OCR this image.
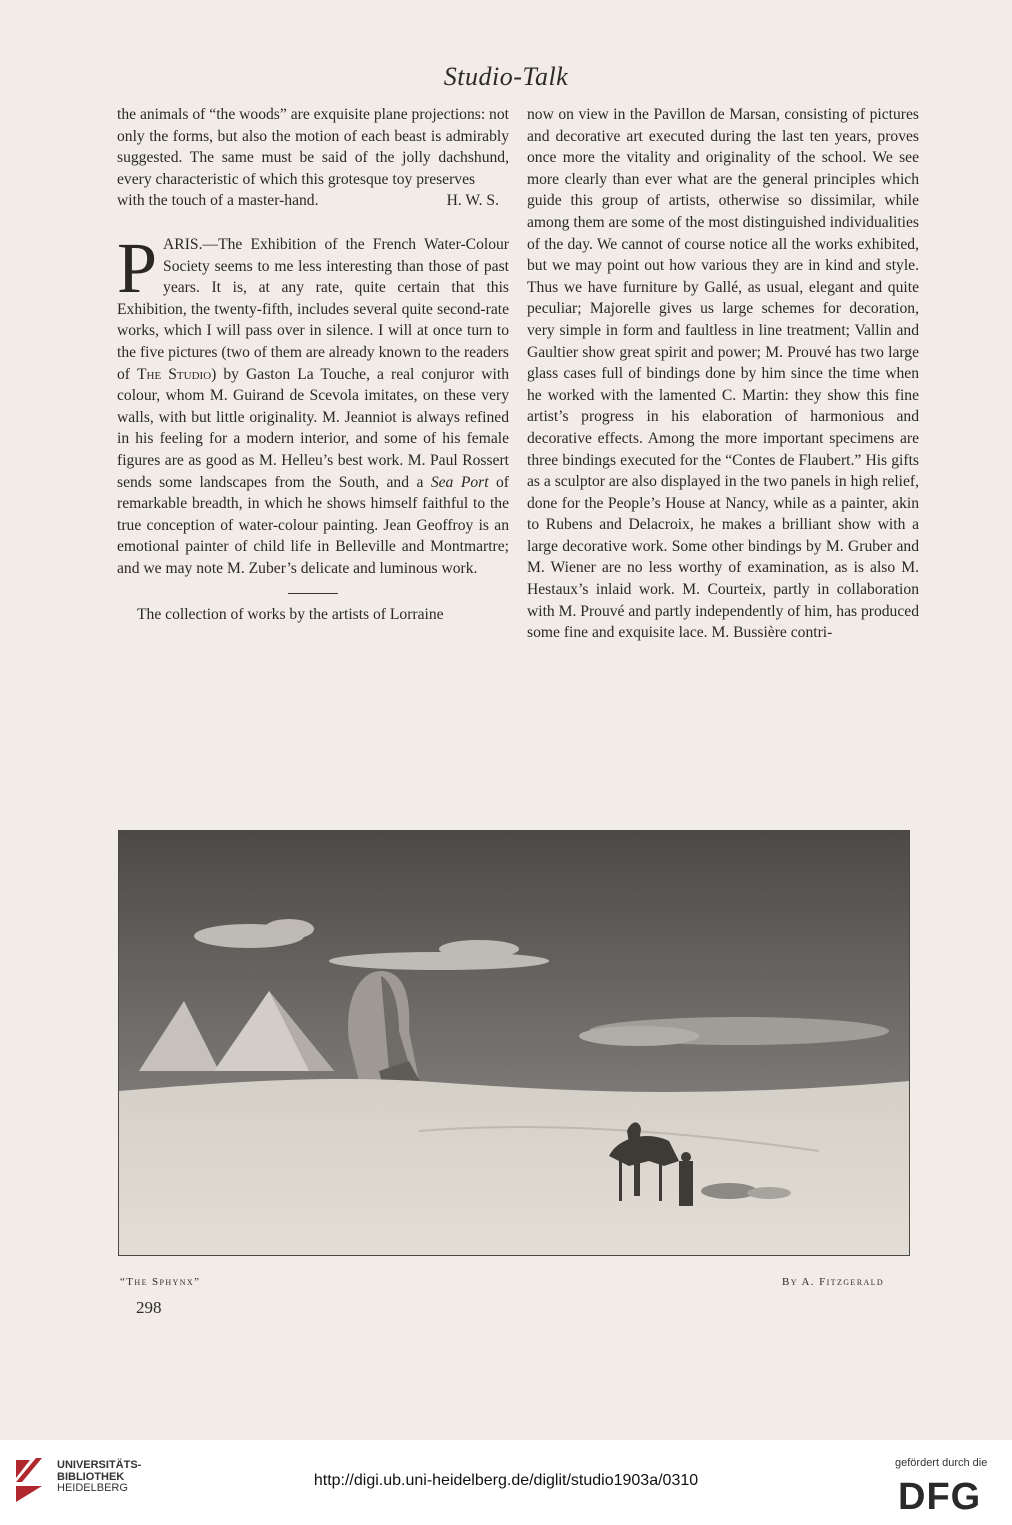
Studio-Talk

the animals of “the woods” are exquisite plane projections: not only the forms, but also the motion of each beast is admirably suggested. The same must be said of the jolly dachshund, every characteristic of which this grotesque toy preserves

with the touch of a master-hand.	H. W. S.

PARIS.—The Exhibition of the French Water-Colour Society seems to me less interesting than those of past years. It is, at any rate, quite certain that this Exhibition, the twenty-fifth, includes several quite second-rate works, which I will pass over in silence. I will at once turn to the five pictures (two of them are already known to the readers of The Studio) by Gaston La Touche, a real conjuror with colour, whom M. Guirand de Scevola imitates, on these very walls, with but little originality. M. Jeanniot is always refined in his feeling for a modern interior, and some of his female figures are as good as M. Helleu’s best work. M. Paul Rossert sends some landscapes from the South, and a Sea Port of remarkable breadth, in which he shows himself faithful to the true conception of water-colour painting. Jean Geoffroy is an emotional painter of child life in Belleville and Montmartre; and we may note M. Zuber’s delicate and luminous work.

The collection of works by the artists of Lorraine

now on view in the Pavillon de Marsan, consisting of pictures and decorative art executed during the last ten years, proves once more the vitality and originality of the school. We see more clearly than ever what are the general principles which guide this group of artists, otherwise so dissimilar, while among them are some of the most distinguished individualities of the day. We cannot of course notice all the works exhibited, but we may point out how various they are in kind and style. Thus we have furniture by Gallé, as usual, elegant and quite peculiar; Majorelle gives us large schemes for decoration, very simple in form and faultless in line treatment; Vallin and Gaultier show great spirit and power; M. Prouvé has two large glass cases full of bindings done by him since the time when he worked with the lamented C. Martin: they show this fine artist’s progress in his elaboration of harmonious and decorative effects. Among the more important specimens are three bindings executed for the “Contes de Flaubert.” His gifts as a sculptor are also displayed in the two panels in high relief, done for the People’s House at Nancy, while as a painter, akin to Rubens and Delacroix, he makes a brilliant show with a large decorative work. Some other bindings by M. Gruber and M. Wiener are no less worthy of examination, as is also M. Hestaux’s inlaid work. M. Courteix, partly in collaboration with M. Prouvé and partly independently of him, has produced some fine and exquisite lace. M. Bussière contri-

“The Sphynx”	By A. Fitzgerald
298
UNIVERSITÄTS-
BIBLIOTHEK
HEIDELBERG	http://digi.ub.uni-heidelberg.de/diglit/studio1903a/0310
gefördert durch die
DFG
